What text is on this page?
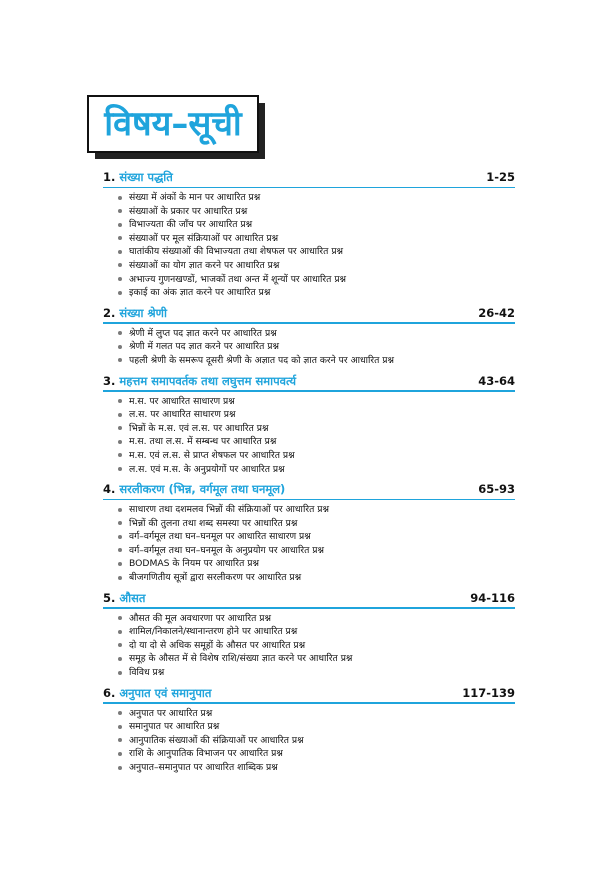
विषय–सूची
1. संख्या पद्धति	1-25
संख्या में अंकों के मान पर आधारित प्रश्न
संख्याओं के प्रकार पर आधारित प्रश्न
विभाज्यता की जाँच पर आधारित प्रश्न
संख्याओं पर मूल संक्रियाओं पर आधारित प्रश्न
घातांकीय संख्याओं की विभाज्यता तथा शेषफल पर आधारित प्रश्न
संख्याओं का योग ज्ञात करने पर आधारित प्रश्न
अभाज्य गुणनखण्डों, भाजकों तथा अन्त में शून्यों पर आधारित प्रश्न
इकाई का अंक ज्ञात करने पर आधारित प्रश्न
2. संख्या श्रेणी	26-42
श्रेणी में लुप्त पद ज्ञात करने पर आधारित प्रश्न
श्रेणी में गलत पद ज्ञात करने पर आधारित प्रश्न
पहली श्रेणी के समरूप दूसरी श्रेणी के अज्ञात पद को ज्ञात करने पर आधारित प्रश्न
3. महत्तम समापवर्तक तथा लघुत्तम समापवर्त्य	43-64
म.स. पर आधारित साधारण प्रश्न
ल.स. पर आधारित साधारण प्रश्न
भिन्नों के म.स. एवं ल.स. पर आधारित प्रश्न
म.स. तथा ल.स. में सम्बन्ध पर आधारित प्रश्न
म.स. एवं ल.स. से प्राप्त शेषफल पर आधारित प्रश्न
ल.स. एवं म.स. के अनुप्रयोगों पर आधारित प्रश्न
4. सरलीकरण (भिन्न, वर्गमूल तथा घनमूल)	65-93
साधारण तथा दशमलव भिन्नों की संक्रियाओं पर आधारित प्रश्न
भिन्नों की तुलना तथा शब्द समस्या पर आधारित प्रश्न
वर्ग–वर्गमूल तथा घन–घनमूल पर आधारित साधारण प्रश्न
वर्ग–वर्गमूल तथा घन–घनमूल के अनुप्रयोग पर आधारित प्रश्न
BODMAS के नियम पर आधारित प्रश्न
बीजगणितीय सूत्रों द्वारा सरलीकरण पर आधारित प्रश्न
5. औसत	94-116
औसत की मूल अवधारणा पर आधारित प्रश्न
शामिल/निकालने/स्थानान्तरण होने पर आधारित प्रश्न
दो या दो से अधिक समूहों के औसत पर आधारित प्रश्न
समूह के औसत में से विशेष राशि/संख्या ज्ञात करने पर आधारित प्रश्न
विविध प्रश्न
6. अनुपात एवं समानुपात	117-139
अनुपात पर आधारित प्रश्न
समानुपात पर आधारित प्रश्न
आनुपातिक संख्याओं की संक्रियाओं पर आधारित प्रश्न
राशि के आनुपातिक विभाजन पर आधारित प्रश्न
अनुपात–समानुपात पर आधारित शाब्दिक प्रश्न
